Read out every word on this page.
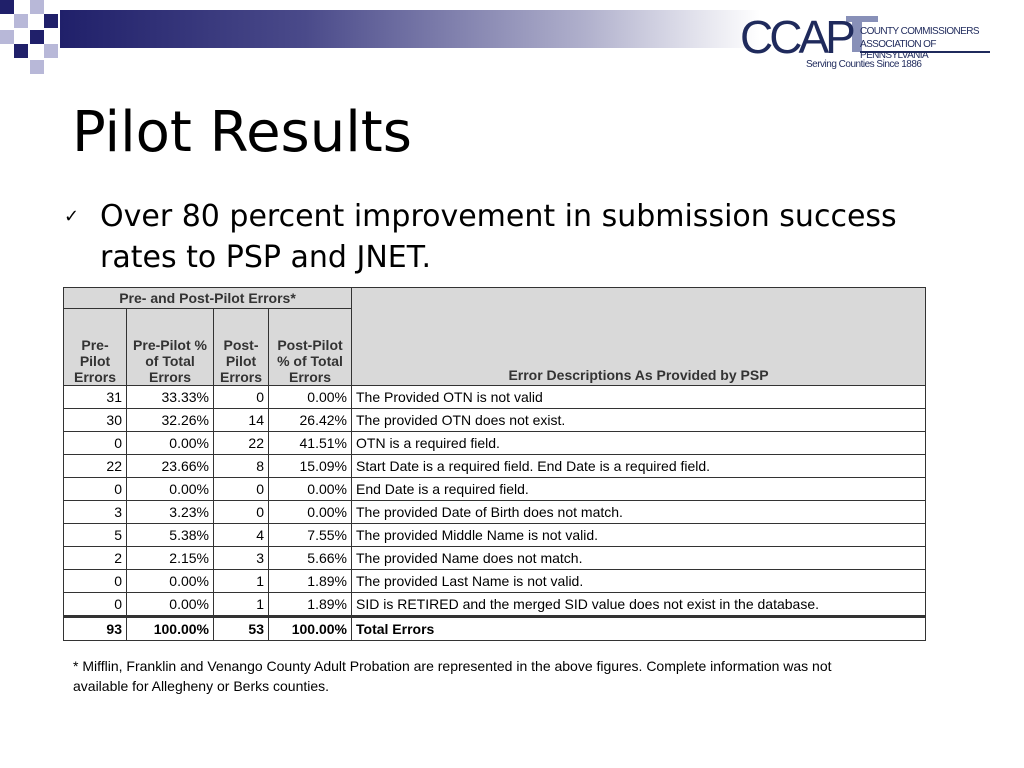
CCAP COUNTY COMMISSIONERS
ASSOCIATION OF PENNSYLVANIA
Serving Counties Since 1886
Pilot Results
✓ Over 80 percent improvement in submission success rates to PSP and JNET.
Pre- and Post-Pilot Errors*				Error Descriptions As Provided by PSP
Pre-Pilot Errors	Pre-Pilot % of Total Errors	Post-Pilot Errors	Post-Pilot % of Total Errors	
31	33.33%	0	0.00%	The Provided OTN is not valid
30	32.26%	14	26.42%	The provided OTN does not exist.
0	0.00%	22	41.51%	OTN is a required field.
22	23.66%	8	15.09%	Start Date is a required field. End Date is a required field.
0	0.00%	0	0.00%	End Date is a required field.
3	3.23%	0	0.00%	The provided Date of Birth does not match.
5	5.38%	4	7.55%	The provided Middle Name is not valid.
2	2.15%	3	5.66%	The provided Name does not match.
0	0.00%	1	1.89%	The provided Last Name is not valid.
0	0.00%	1	1.89%	SID is RETIRED and the merged SID value does not exist in the database.
93	100.00%	53	100.00%	Total Errors
* Mifflin, Franklin and Venango County Adult Probation are represented in the above figures. Complete information was not available for Allegheny or Berks counties.
